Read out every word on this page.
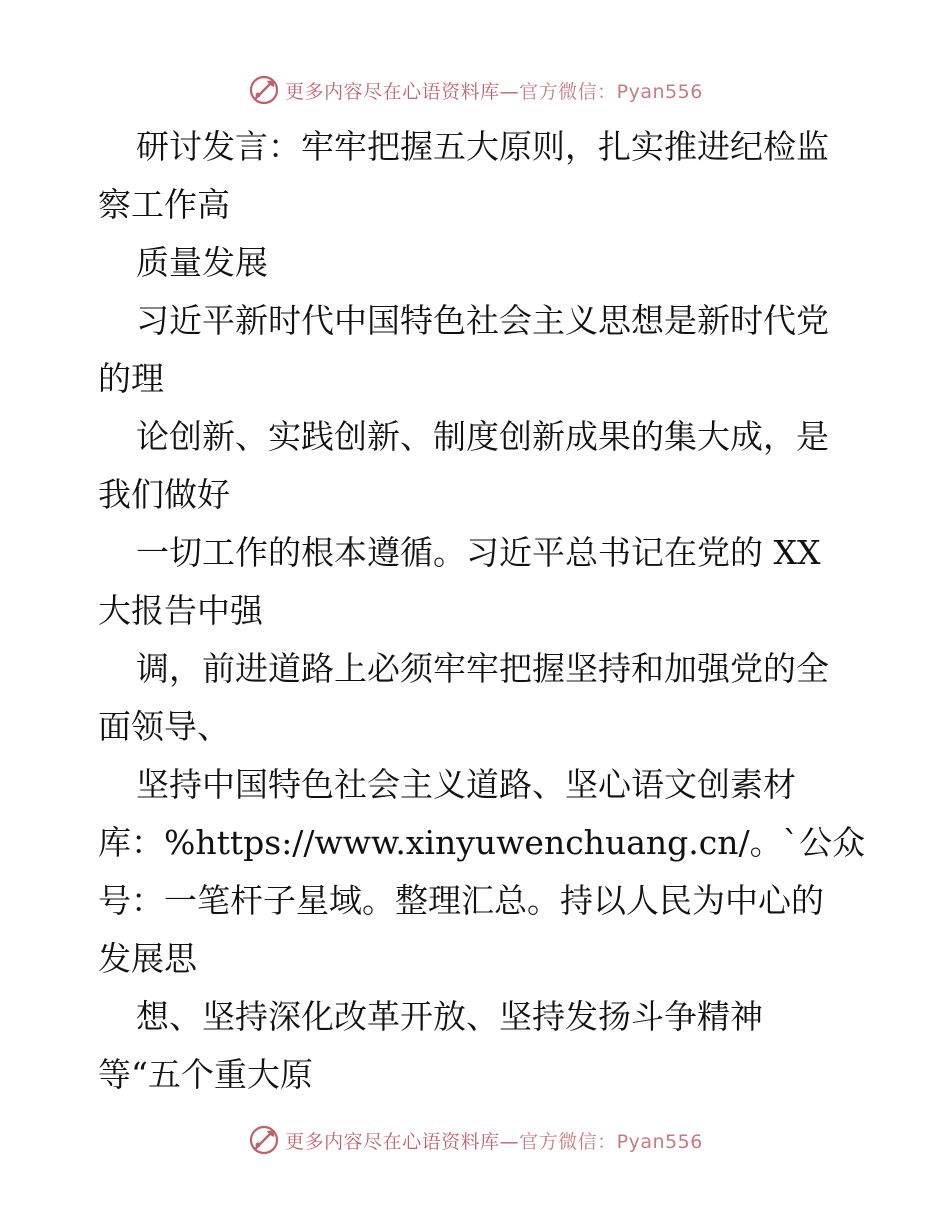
更多内容尽在心语资料库—官方微信：Pyan556
研讨发言：牢牢把握五大原则，扎实推进纪检监
察工作高
质量发展
习近平新时代中国特色社会主义思想是新时代党
的理
论创新、实践创新、制度创新成果的集大成，是
我们做好
一切工作的根本遵循。习近平总书记在党的 XX
大报告中强
调，前进道路上必须牢牢把握坚持和加强党的全
面领导、
坚持中国特色社会主义道路、坚心语文创素材
库：%https://www.xinyuwenchuang.cn/。`公众
号：一笔杆子星域。整理汇总。持以人民为中心的
发展思
想、坚持深化改革开放、坚持发扬斗争精神
等“五个重大原
更多内容尽在心语资料库—官方微信：Pyan556
